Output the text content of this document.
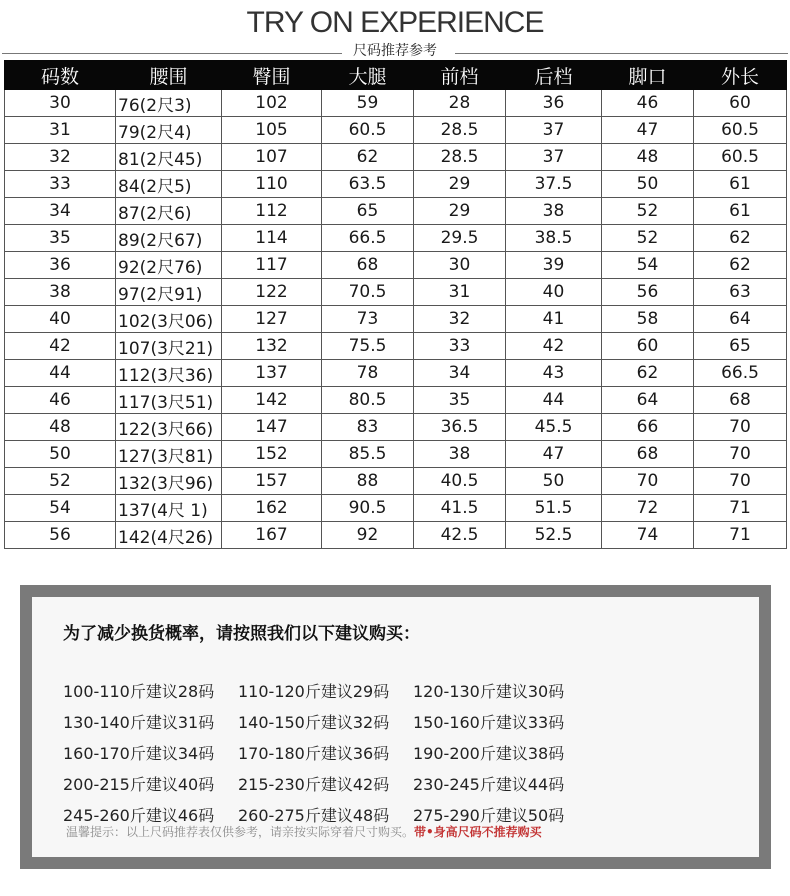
TRY ON EXPERIENCE
尺码推荐参考
码数	腰围	臀围	大腿	前档	后档	脚口	外长
30	76(2尺3)	102	59	28	36	46	60
31	79(2尺4)	105	60.5	28.5	37	47	60.5
32	81(2尺45)	107	62	28.5	37	48	60.5
33	84(2尺5)	110	63.5	29	37.5	50	61
34	87(2尺6)	112	65	29	38	52	61
35	89(2尺67)	114	66.5	29.5	38.5	52	62
36	92(2尺76)	117	68	30	39	54	62
38	97(2尺91)	122	70.5	31	40	56	63
40	102(3尺06)	127	73	32	41	58	64
42	107(3尺21)	132	75.5	33	42	60	65
44	112(3尺36)	137	78	34	43	62	66.5
46	117(3尺51)	142	80.5	35	44	64	68
48	122(3尺66)	147	83	36.5	45.5	66	70
50	127(3尺81)	152	85.5	38	47	68	70
52	132(3尺96)	157	88	40.5	50	70	70
54	137(4尺 1)	162	90.5	41.5	51.5	72	71
56	142(4尺26)	167	92	42.5	52.5	74	71
为了减少换货概率，请按照我们以下建议购买：
100-110斤建议28码	110-120斤建议29码	120-130斤建议30码
130-140斤建议31码	140-150斤建议32码	150-160斤建议33码
160-170斤建议34码	170-180斤建议36码	190-200斤建议38码
200-215斤建议40码	215-230斤建议42码	230-245斤建议44码
245-260斤建议46码	260-275斤建议48码	275-290斤建议50码
温馨提示：以上尺码推荐表仅供参考，请亲按实际穿着尺寸购买。带•身高尺码不推荐购买
